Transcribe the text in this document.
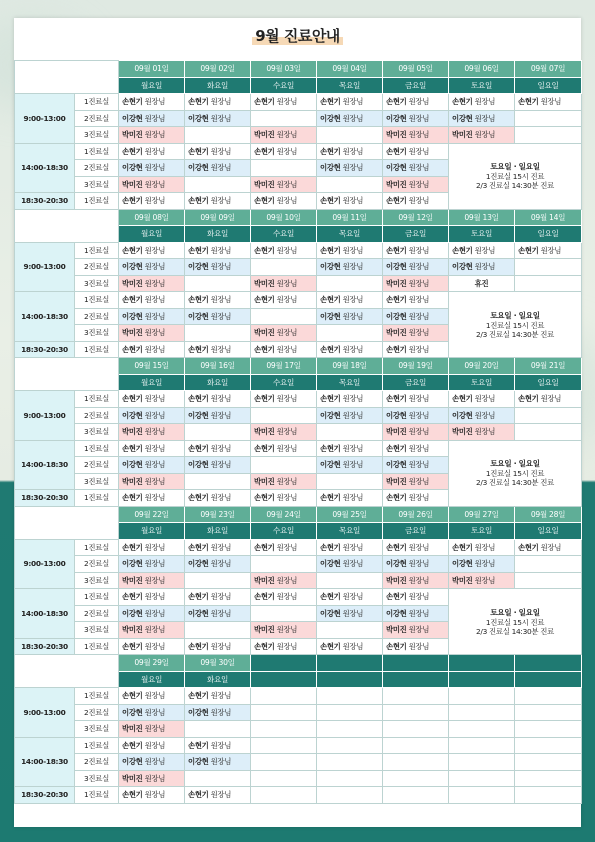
9월 진료안내
		09월 01일	09월 02일	09월 03일	09월 04일	09월 05일	09월 06일	09월 07일
		월요일	화요일	수요일	목요일	금요일	토요일	일요일
9:00-13:00	1진료실	손현기 원장님	손현기 원장님	손현기 원장님	손현기 원장님	손현기 원장님	손현기 원장님	손현기 원장님
	2진료실	이강현 원장님	이강현 원장님		이강현 원장님	이강현 원장님	이강현 원장님	
	3진료실	박미진 원장님		박미진 원장님		박미진 원장님	박미진 원장님	
14:00-18:30	1진료실	손현기 원장님	손현기 원장님	손현기 원장님	손현기 원장님	손현기 원장님	토요일 · 일요일
1진료실 15시 진료
2/3 진료실 14:30분 진료	
	2진료실	이강현 원장님	이강현 원장님		이강현 원장님	이강현 원장님		
	3진료실	박미진 원장님		박미진 원장님		박미진 원장님		
18:30-20:30	1진료실	손현기 원장님	손현기 원장님	손현기 원장님	손현기 원장님	손현기 원장님		
		09월 08일	09월 09일	09월 10일	09월 11일	09월 12일	09월 13일	09월 14일
		월요일	화요일	수요일	목요일	금요일	토요일	일요일
9:00-13:00	1진료실	손현기 원장님	손현기 원장님	손현기 원장님	손현기 원장님	손현기 원장님	손현기 원장님	손현기 원장님
	2진료실	이강현 원장님	이강현 원장님		이강현 원장님	이강현 원장님	이강현 원장님	
	3진료실	박미진 원장님		박미진 원장님		박미진 원장님	휴진	
14:00-18:30	1진료실	손현기 원장님	손현기 원장님	손현기 원장님	손현기 원장님	손현기 원장님	토요일 · 일요일
1진료실 15시 진료
2/3 진료실 14:30분 진료	
	2진료실	이강현 원장님	이강현 원장님		이강현 원장님	이강현 원장님		
	3진료실	박미진 원장님		박미진 원장님		박미진 원장님		
18:30-20:30	1진료실	손현기 원장님	손현기 원장님	손현기 원장님	손현기 원장님	손현기 원장님		
		09월 15일	09월 16일	09월 17일	09월 18일	09월 19일	09월 20일	09월 21일
		월요일	화요일	수요일	목요일	금요일	토요일	일요일
9:00-13:00	1진료실	손현기 원장님	손현기 원장님	손현기 원장님	손현기 원장님	손현기 원장님	손현기 원장님	손현기 원장님
	2진료실	이강현 원장님	이강현 원장님		이강현 원장님	이강현 원장님	이강현 원장님	
	3진료실	박미진 원장님		박미진 원장님		박미진 원장님	박미진 원장님	
14:00-18:30	1진료실	손현기 원장님	손현기 원장님	손현기 원장님	손현기 원장님	손현기 원장님	토요일 · 일요일
1진료실 15시 진료
2/3 진료실 14:30분 진료	
	2진료실	이강현 원장님	이강현 원장님		이강현 원장님	이강현 원장님		
	3진료실	박미진 원장님		박미진 원장님		박미진 원장님		
18:30-20:30	1진료실	손현기 원장님	손현기 원장님	손현기 원장님	손현기 원장님	손현기 원장님		
		09월 22일	09월 23일	09월 24일	09월 25일	09월 26일	09월 27일	09월 28일
		월요일	화요일	수요일	목요일	금요일	토요일	일요일
9:00-13:00	1진료실	손현기 원장님	손현기 원장님	손현기 원장님	손현기 원장님	손현기 원장님	손현기 원장님	손현기 원장님
	2진료실	이강현 원장님	이강현 원장님		이강현 원장님	이강현 원장님	이강현 원장님	
	3진료실	박미진 원장님		박미진 원장님		박미진 원장님	박미진 원장님	
14:00-18:30	1진료실	손현기 원장님	손현기 원장님	손현기 원장님	손현기 원장님	손현기 원장님	토요일 · 일요일
1진료실 15시 진료
2/3 진료실 14:30분 진료	
	2진료실	이강현 원장님	이강현 원장님		이강현 원장님	이강현 원장님		
	3진료실	박미진 원장님		박미진 원장님		박미진 원장님		
18:30-20:30	1진료실	손현기 원장님	손현기 원장님	손현기 원장님	손현기 원장님	손현기 원장님		
		09월 29일	09월 30일					
		월요일	화요일					
9:00-13:00	1진료실	손현기 원장님	손현기 원장님					
	2진료실	이강현 원장님	이강현 원장님					
	3진료실	박미진 원장님						
14:00-18:30	1진료실	손현기 원장님	손현기 원장님					
	2진료실	이강현 원장님	이강현 원장님					
	3진료실	박미진 원장님						
18:30-20:30	1진료실	손현기 원장님	손현기 원장님					
